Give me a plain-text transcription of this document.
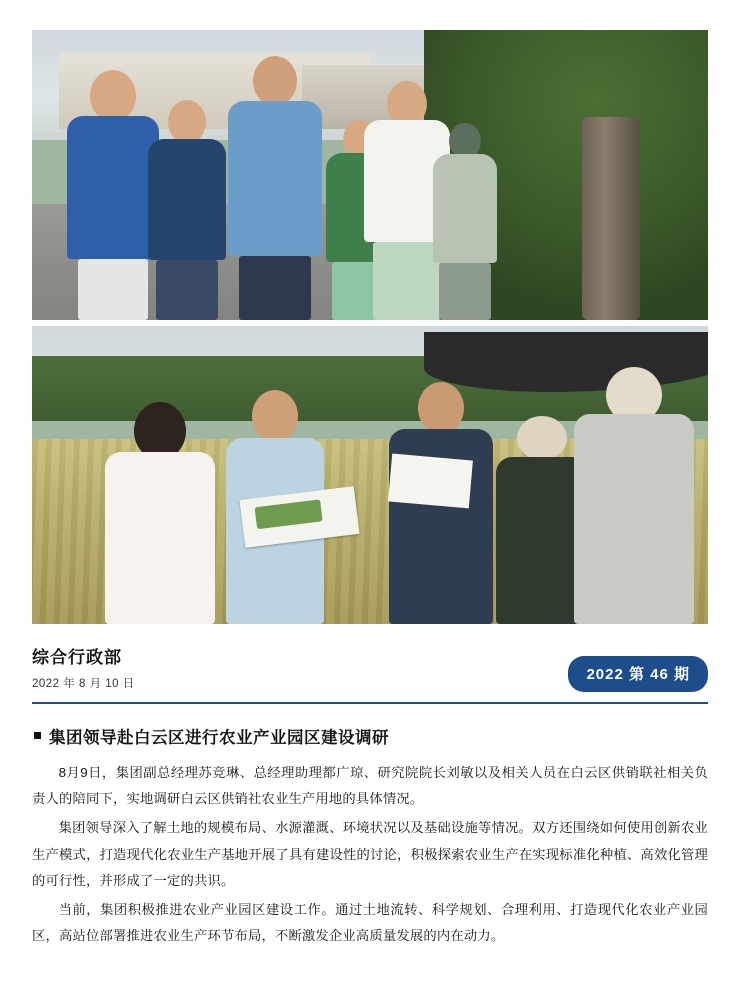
综合行政部
2022 年 8 月 10 日
2022 第 46 期
集团领导赴白云区进行农业产业园区建设调研

8月9日，集团副总经理苏竞琳、总经理助理都广琼、研究院院长刘敏以及相关人员在白云区供销联社相关负责人的陪同下，实地调研白云区供销社农业生产用地的具体情况。

集团领导深入了解土地的规模布局、水源灌溉、环境状况以及基础设施等情况。双方还围绕如何使用创新农业生产模式，打造现代化农业生产基地开展了具有建设性的讨论，积极探索农业生产在实现标准化种植、高效化管理的可行性，并形成了一定的共识。

当前，集团积极推进农业产业园区建设工作。通过土地流转、科学规划、合理利用、打造现代化农业产业园区，高站位部署推进农业生产环节布局，不断激发企业高质量发展的内在动力。
